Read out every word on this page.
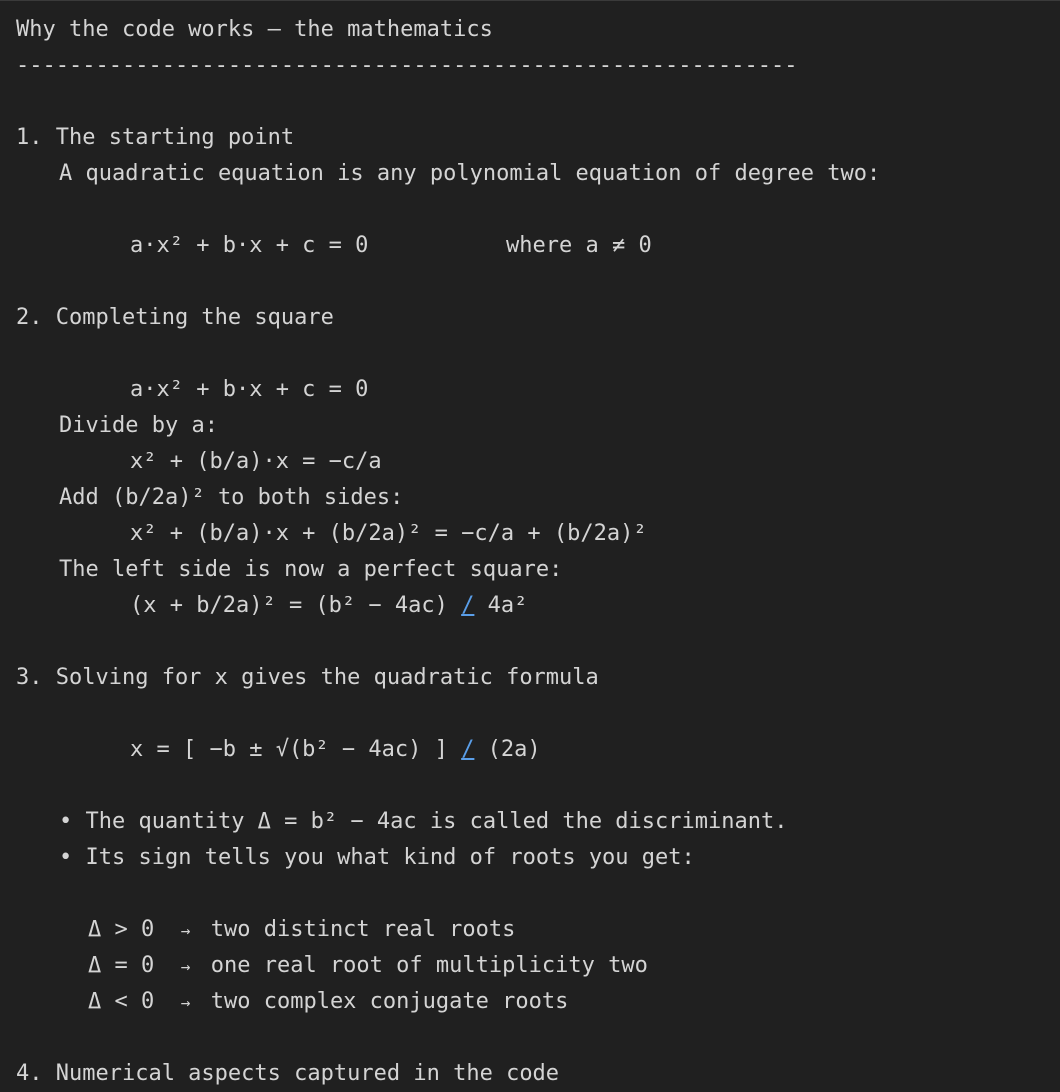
Why the code works — the mathematics
-----------------------------------------------------------
1. The starting point
A quadratic equation is any polynomial equation of degree two:
a·x² + b·x + c = 0	where a ≠ 0
2. Completing the square
a·x² + b·x + c = 0
Divide by a:
x² + (b/a)·x = −c/a
Add (b/2a)² to both sides:
x² + (b/a)·x + (b/2a)² = −c/a + (b/2a)²
The left side is now a perfect square:
(x + b/2a)² = (b² − 4ac) / 4a²
3. Solving for x gives the quadratic formula
x = [ −b ± √(b² − 4ac) ] / (2a)
• The quantity Δ = b² − 4ac is called the discriminant.
• Its sign tells you what kind of roots you get:
Δ > 0 → two distinct real roots
Δ = 0 → one real root of multiplicity two
Δ < 0 → two complex conjugate roots
4. Numerical aspects captured in the code
